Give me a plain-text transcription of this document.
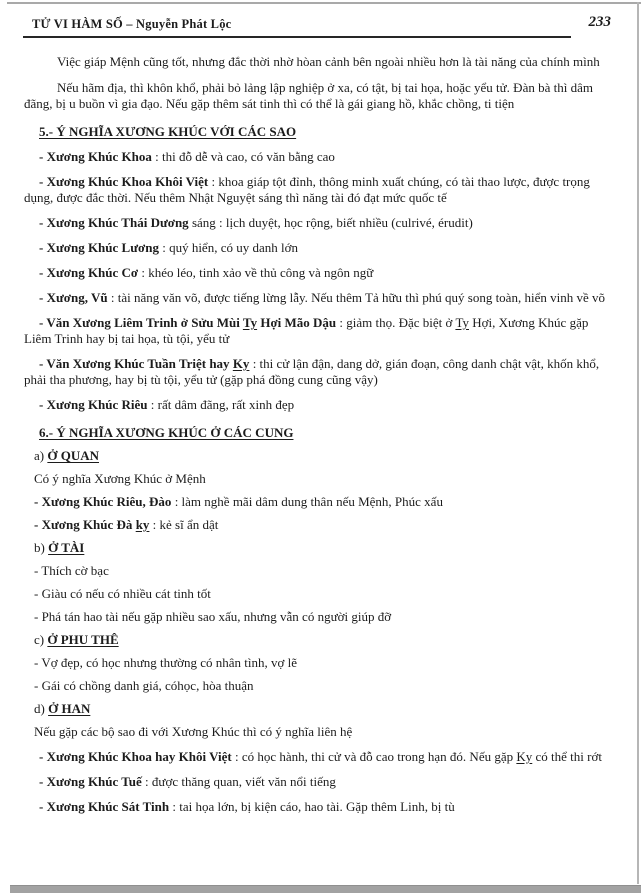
TỬ VI HÀM SỐ – Nguyễn Phát Lộc	233

Việc giáp Mệnh cũng tốt, nhưng đắc thời nhờ hòan cảnh bên ngoài nhiều hơn là tài năng của chính mình

Nếu hãm địa, thì khôn khổ, phải bỏ lảng lập nghiệp ở xa, có tật, bị tai họa, hoặc yểu tử. Đàn bà thì dâm đãng, bị u buồn vì gia đạo. Nếu gặp thêm sát tinh thì có thể là gái giang hồ, khắc chồng, ti tiện

5.- Ý NGHĨA XƯƠNG KHÚC VỚI CÁC SAO

- Xương Khúc Khoa : thi đỗ dễ và cao, có văn bằng cao

- Xương Khúc Khoa Khôi Việt : khoa giáp tột đỉnh, thông minh xuất chúng, có tài thao lược, được trọng dụng, được đắc thời. Nếu thêm Nhật Nguyệt sáng thì năng tài đó đạt mức quốc tế

- Xương Khúc Thái Dương sáng : lịch duyệt, học rộng, biết nhiều (culrivé, érudit)

- Xương Khúc Lương : quý hiển, có uy danh lớn

- Xương Khúc Cơ : khéo léo, tinh xảo về thủ công và ngôn ngữ

- Xương, Vũ : tài năng văn võ, được tiếng lừng lẫy. Nếu thêm Tả hữu thì phú quý song toàn, hiển vinh về võ

- Văn Xương Liêm Trinh ở Sửu Mùi Ty Hợi Mão Dậu : giảm thọ. Đặc biệt ở Ty Hợi, Xương Khúc gặp Liêm Trinh hay bị tai họa, tù tội, yểu tử

- Văn Xương Khúc Tuần Triệt hay Ky : thi cử lận đận, dang dở, gián đoạn, công danh chật vật, khốn khổ, phải tha phương, hay bị tù tội, yểu tử (gặp phá đồng cung cũng vậy)

- Xương Khúc Riêu : rất dâm đãng, rất xinh đẹp

6.- Ý NGHĨA XƯƠNG KHÚC Ở CÁC CUNG

a) Ở QUAN

Có ý nghĩa Xương Khúc ở Mệnh

- Xương Khúc Riêu, Đào : làm nghề mãi dâm dung thân nếu Mệnh, Phúc xấu

- Xương Khúc Đà ky : kẻ sĩ ẩn dật

b) Ở TÀI

- Thích cờ bạc

- Giàu có nếu có nhiều cát tinh tốt

- Phá tán hao tài nếu gặp nhiều sao xấu, nhưng vẫn có người giúp đỡ

c) Ở PHU THÊ

- Vợ đẹp, có học nhưng thường có nhân tình, vợ lẽ

- Gái có chồng danh giá, cóhọc, hòa thuận

d) Ở HAN

Nếu gặp các bộ sao đi với Xương Khúc thì có ý nghĩa liên hệ

- Xương Khúc Khoa hay Khôi Việt : có học hành, thi cử và đỗ cao trong hạn đó. Nếu gặp Ky có thể thi rớt

- Xương Khúc Tuế : được thăng quan, viết văn nổi tiếng

- Xương Khúc Sát Tinh : tai họa lớn, bị kiện cáo, hao tài. Gặp thêm Linh, bị tù
